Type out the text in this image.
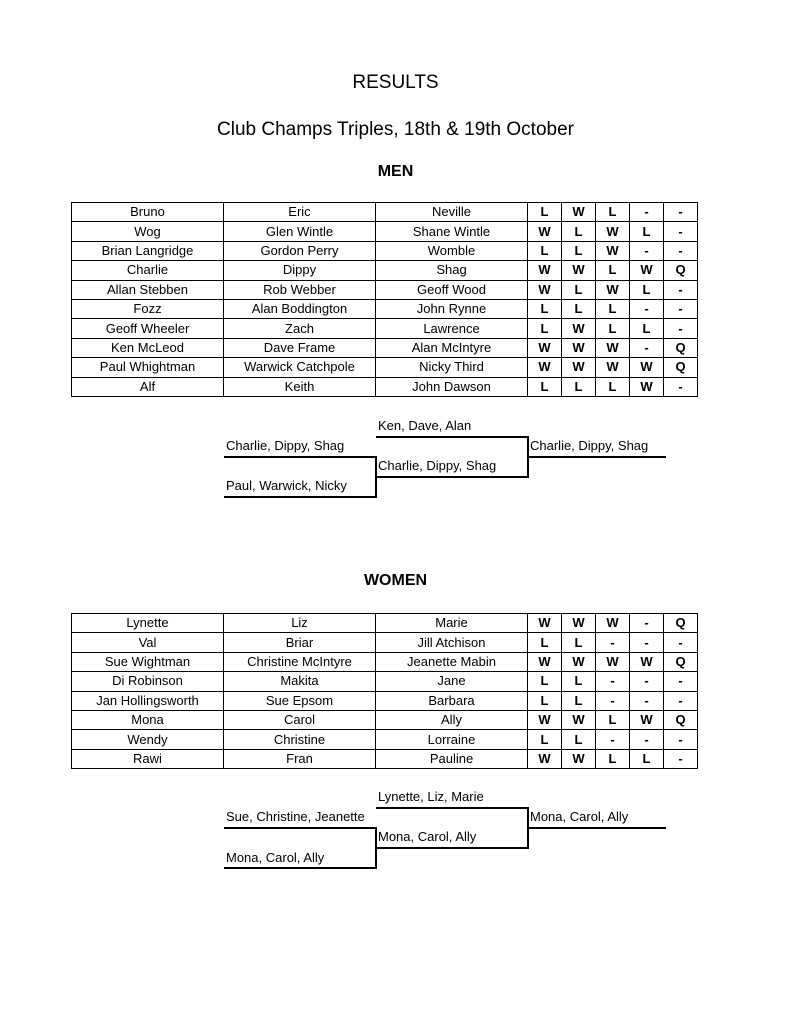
RESULTS
Club Champs Triples, 18th & 19th October
MEN
Bruno	Eric	Neville	L	W	L	-	-
Wog	Glen Wintle	Shane Wintle	W	L	W	L	-
Brian Langridge	Gordon Perry	Womble	L	L	W	-	-
Charlie	Dippy	Shag	W	W	L	W	Q
Allan Stebben	Rob Webber	Geoff Wood	W	L	W	L	-
Fozz	Alan Boddington	John Rynne	L	L	L	-	-
Geoff Wheeler	Zach	Lawrence	L	W	L	L	-
Ken McLeod	Dave Frame	Alan McIntyre	W	W	W	-	Q
Paul Whightman	Warwick Catchpole	Nicky Third	W	W	W	W	Q
Alf	Keith	John Dawson	L	L	L	W	-
WOMEN
Lynette	Liz	Marie	W	W	W	-	Q
Val	Briar	Jill Atchison	L	L	-	-	-
Sue Wightman	Christine McIntyre	Jeanette Mabin	W	W	W	W	Q
Di Robinson	Makita	Jane	L	L	-	-	-
Jan Hollingsworth	Sue Epsom	Barbara	L	L	-	-	-
Mona	Carol	Ally	W	W	L	W	Q
Wendy	Christine	Lorraine	L	L	-	-	-
Rawi	Fran	Pauline	W	W	L	L	-
Ken, Dave, Alan
Charlie, Dippy, Shag
Charlie, Dippy, Shag
Paul, Warwick, Nicky
Charlie, Dippy, Shag
Lynette, Liz, Marie
Sue, Christine, Jeanette
Mona, Carol, Ally
Mona, Carol, Ally
Mona, Carol, Ally
